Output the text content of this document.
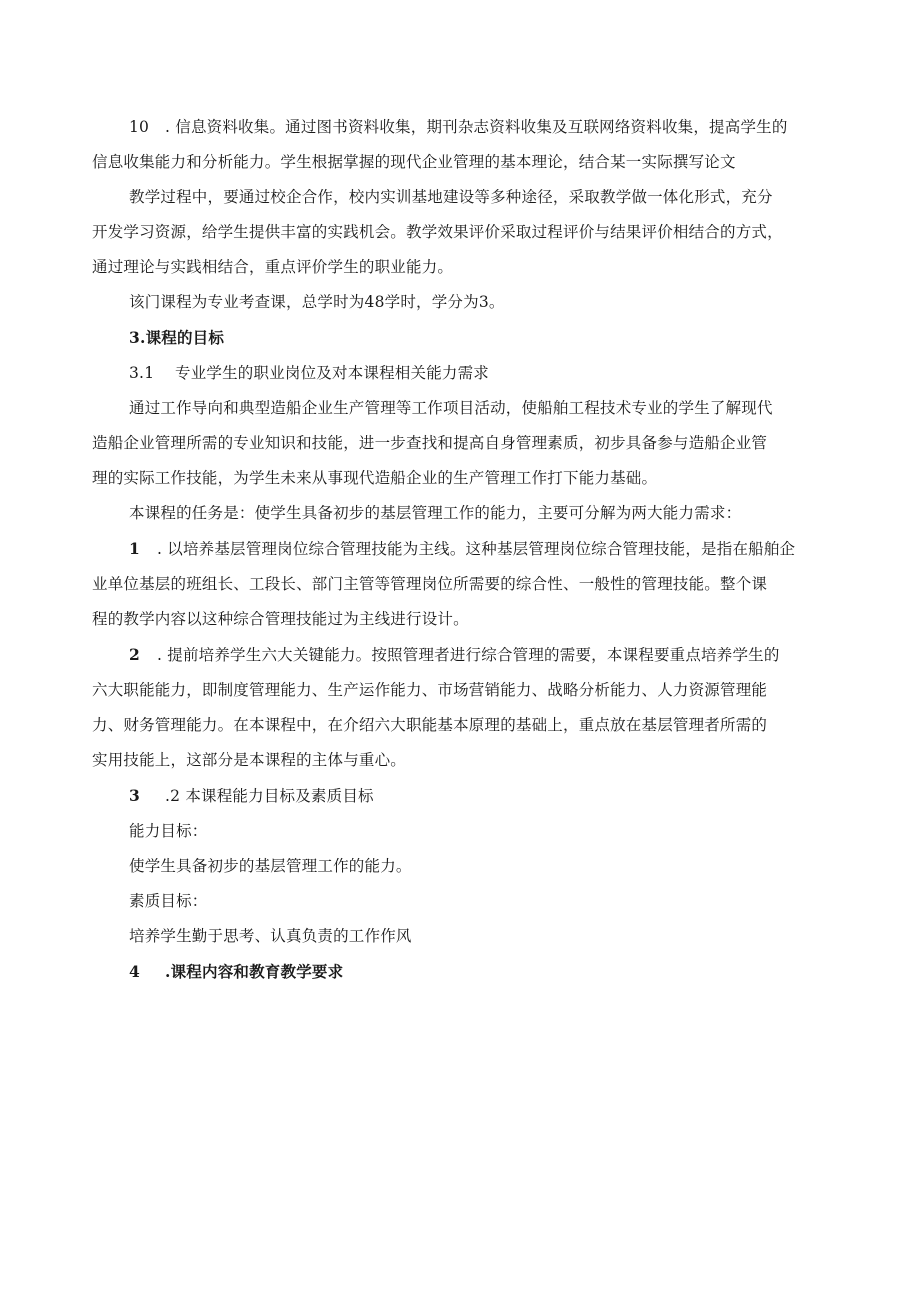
10 . 信息资料收集。通过图书资料收集，期刊杂志资料收集及互联网络资料收集，提高学生的
信息收集能力和分析能力。学生根据掌握的现代企业管理的基本理论，结合某一实际撰写论文
教学过程中，要通过校企合作，校内实训基地建设等多种途径，采取教学做一体化形式，充分
开发学习资源，给学生提供丰富的实践机会。教学效果评价采取过程评价与结果评价相结合的方式，
通过理论与实践相结合，重点评价学生的职业能力。
该门课程为专业考查课，总学时为48学时，学分为3。
3.课程的目标
3.1 专业学生的职业岗位及对本课程相关能力需求
通过工作导向和典型造船企业生产管理等工作项目活动，使船舶工程技术专业的学生了解现代
造船企业管理所需的专业知识和技能，进一步查找和提高自身管理素质，初步具备参与造船企业管
理的实际工作技能，为学生未来从事现代造船企业的生产管理工作打下能力基础。
本课程的任务是：使学生具备初步的基层管理工作的能力，主要可分解为两大能力需求：
1 . 以培养基层管理岗位综合管理技能为主线。这种基层管理岗位综合管理技能，是指在船舶企
业单位基层的班组长、工段长、部门主管等管理岗位所需要的综合性、一般性的管理技能。整个课
程的教学内容以这种综合管理技能过为主线进行设计。
2 . 提前培养学生六大关键能力。按照管理者进行综合管理的需要，本课程要重点培养学生的
六大职能能力，即制度管理能力、生产运作能力、市场营销能力、战略分析能力、人力资源管理能
力、财务管理能力。在本课程中，在介绍六大职能基本原理的基础上，重点放在基层管理者所需的
实用技能上，这部分是本课程的主体与重心。
3 .2 本课程能力目标及素质目标
能力目标：
使学生具备初步的基层管理工作的能力。
素质目标：
培养学生勤于思考、认真负责的工作作风
4 .课程内容和教育教学要求
